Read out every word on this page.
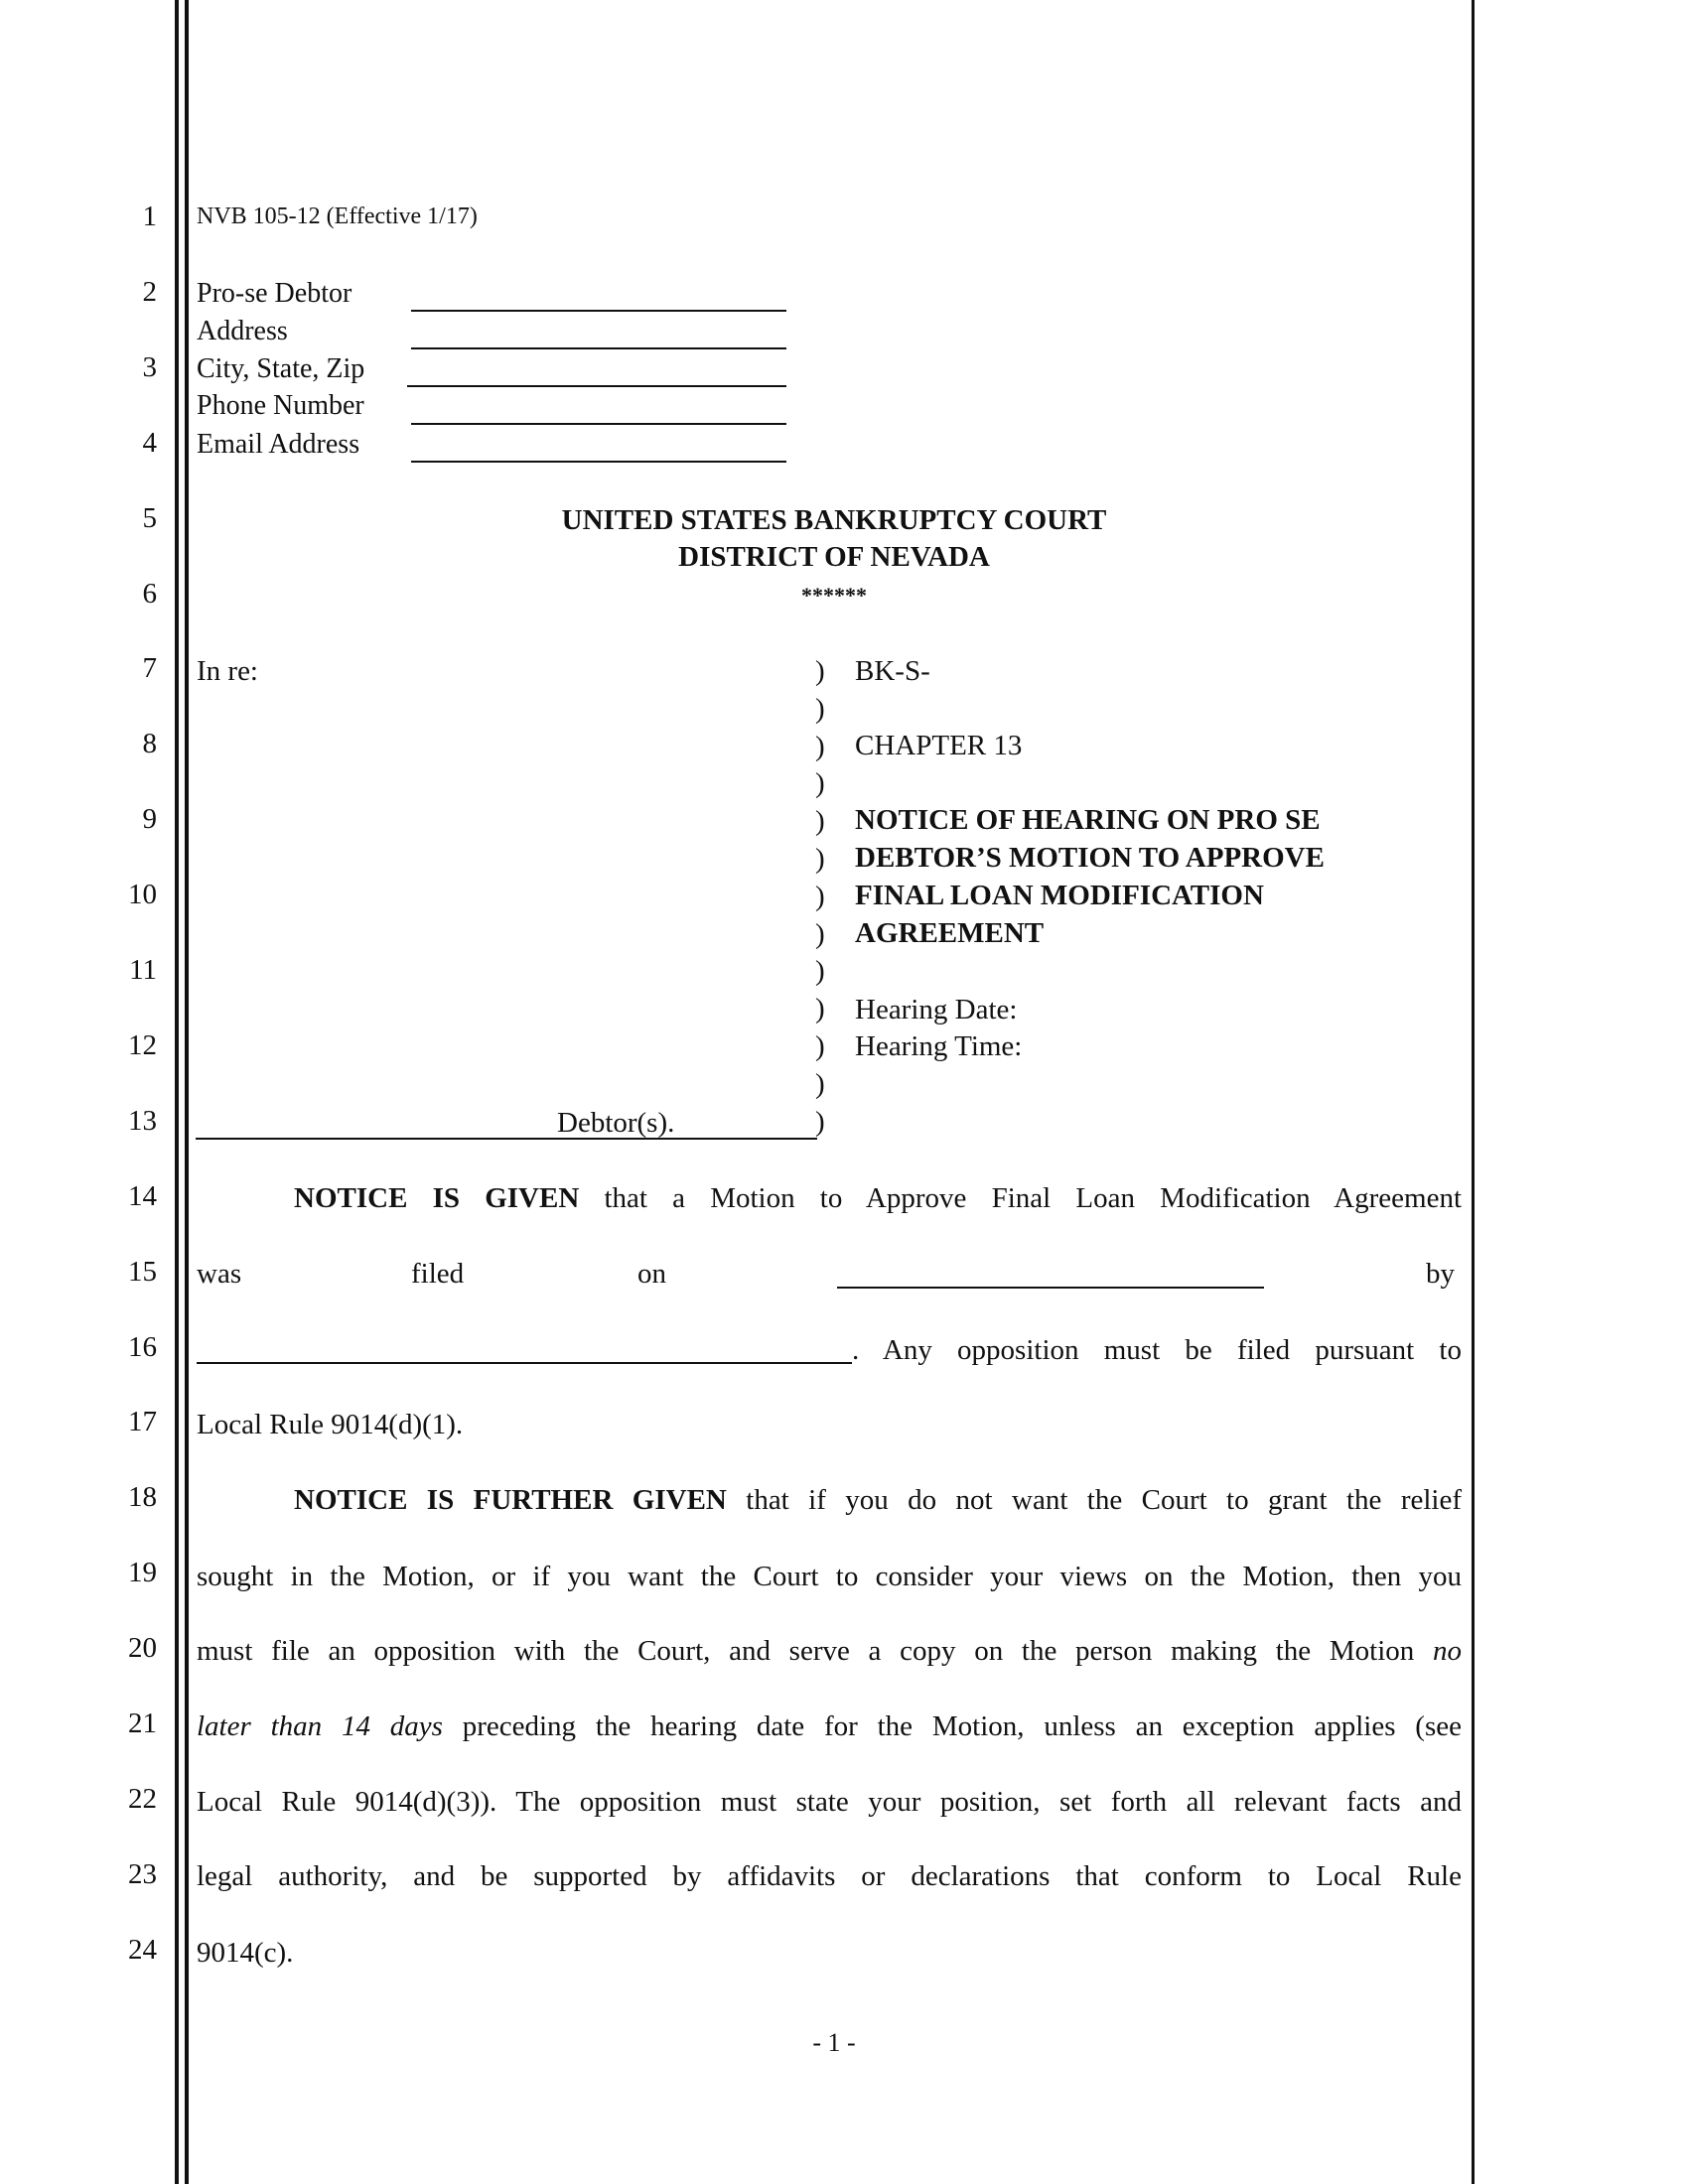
1
2
3
4
5
6
7
8
9
10
11
12
13
14
15
16
17
18
19
20
21
22
23
24
NVB 105-12 (Effective 1/17)
Pro-se Debtor
Address
City, State, Zip
Phone Number
Email Address
UNITED STATES BANKRUPTCY COURT
DISTRICT OF NEVADA
******
In re:	)
)
)
)
)
)
)
)
)
)
)
)
)
Debtor(s).
BK-S-
CHAPTER 13
NOTICE OF HEARING ON PRO SE
DEBTOR’S MOTION TO APPROVE
FINAL LOAN MODIFICATION
AGREEMENT
Hearing Date:
Hearing Time:
NOTICE IS GIVEN that a Motion to Approve Final Loan Modification Agreement
was	filed	on	by
. Any opposition must be filed pursuant to
Local Rule 9014(d)(1).
NOTICE IS FURTHER GIVEN that if you do not want the Court to grant the relief
sought in the Motion, or if you want the Court to consider your views on the Motion, then you
must file an opposition with the Court, and serve a copy on the person making the Motion no
later than 14 days preceding the hearing date for the Motion, unless an exception applies (see
Local Rule 9014(d)(3)). The opposition must state your position, set forth all relevant facts and
legal authority, and be supported by affidavits or declarations that conform to Local Rule
9014(c).
- 1 -
